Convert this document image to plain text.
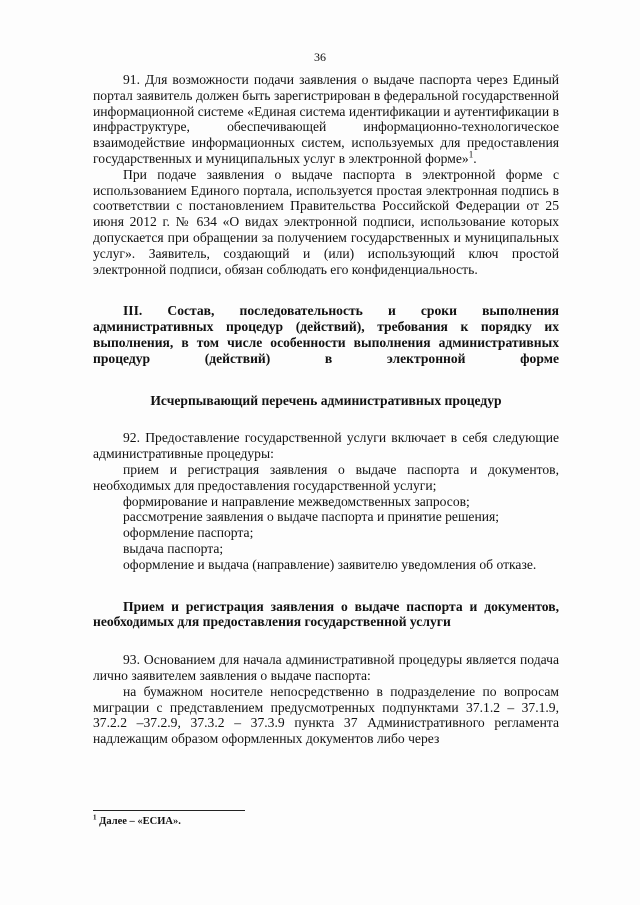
36

91. Для возможности подачи заявления о выдаче паспорта через Единый портал заявитель должен быть зарегистрирован в федеральной государственной информационной системе «Единая система идентификации и аутентификации в инфраструктуре, обеспечивающей информационно-технологическое взаимодействие информационных систем, используемых для предоставления государственных и муниципальных услуг в электронной форме»$^1$.

При подаче заявления о выдаче паспорта в электронной форме с использованием Единого портала, используется простая электронная подпись в соответствии с постановлением Правительства Российской Федерации от 25 июня 2012 г. № 634 «О видах электронной подписи, использование которых допускается при обращении за получением государственных и муниципальных услуг». Заявитель, создающий и (или) использующий ключ простой электронной подписи, обязан соблюдать его конфиденциальность.

III. Состав, последовательность и сроки выполнения административных процедур (действий), требования к порядку их выполнения, в том числе особенности выполнения административных процедур (действий) в электронной форме

Исчерпывающий перечень административных процедур

92. Предоставление государственной услуги включает в себя следующие административные процедуры:

прием и регистрация заявления о выдаче паспорта и документов, необходимых для предоставления государственной услуги;

формирование и направление межведомственных запросов;

рассмотрение заявления о выдаче паспорта и принятие решения;

оформление паспорта;

выдача паспорта;

оформление и выдача (направление) заявителю уведомления об отказе.

Прием и регистрация заявления о выдаче паспорта и документов, необходимых для предоставления государственной услуги

93. Основанием для начала административной процедуры является подача лично заявителем заявления о выдаче паспорта:

на бумажном носителе непосредственно в подразделение по вопросам миграции с представлением предусмотренных подпунктами 37.1.2 – 37.1.9, 37.2.2 –37.2.9, 37.3.2 – 37.3.9 пункта 37 Административного регламента надлежащим образом оформленных документов либо через

$^1$ Далее – «ЕСИА».
